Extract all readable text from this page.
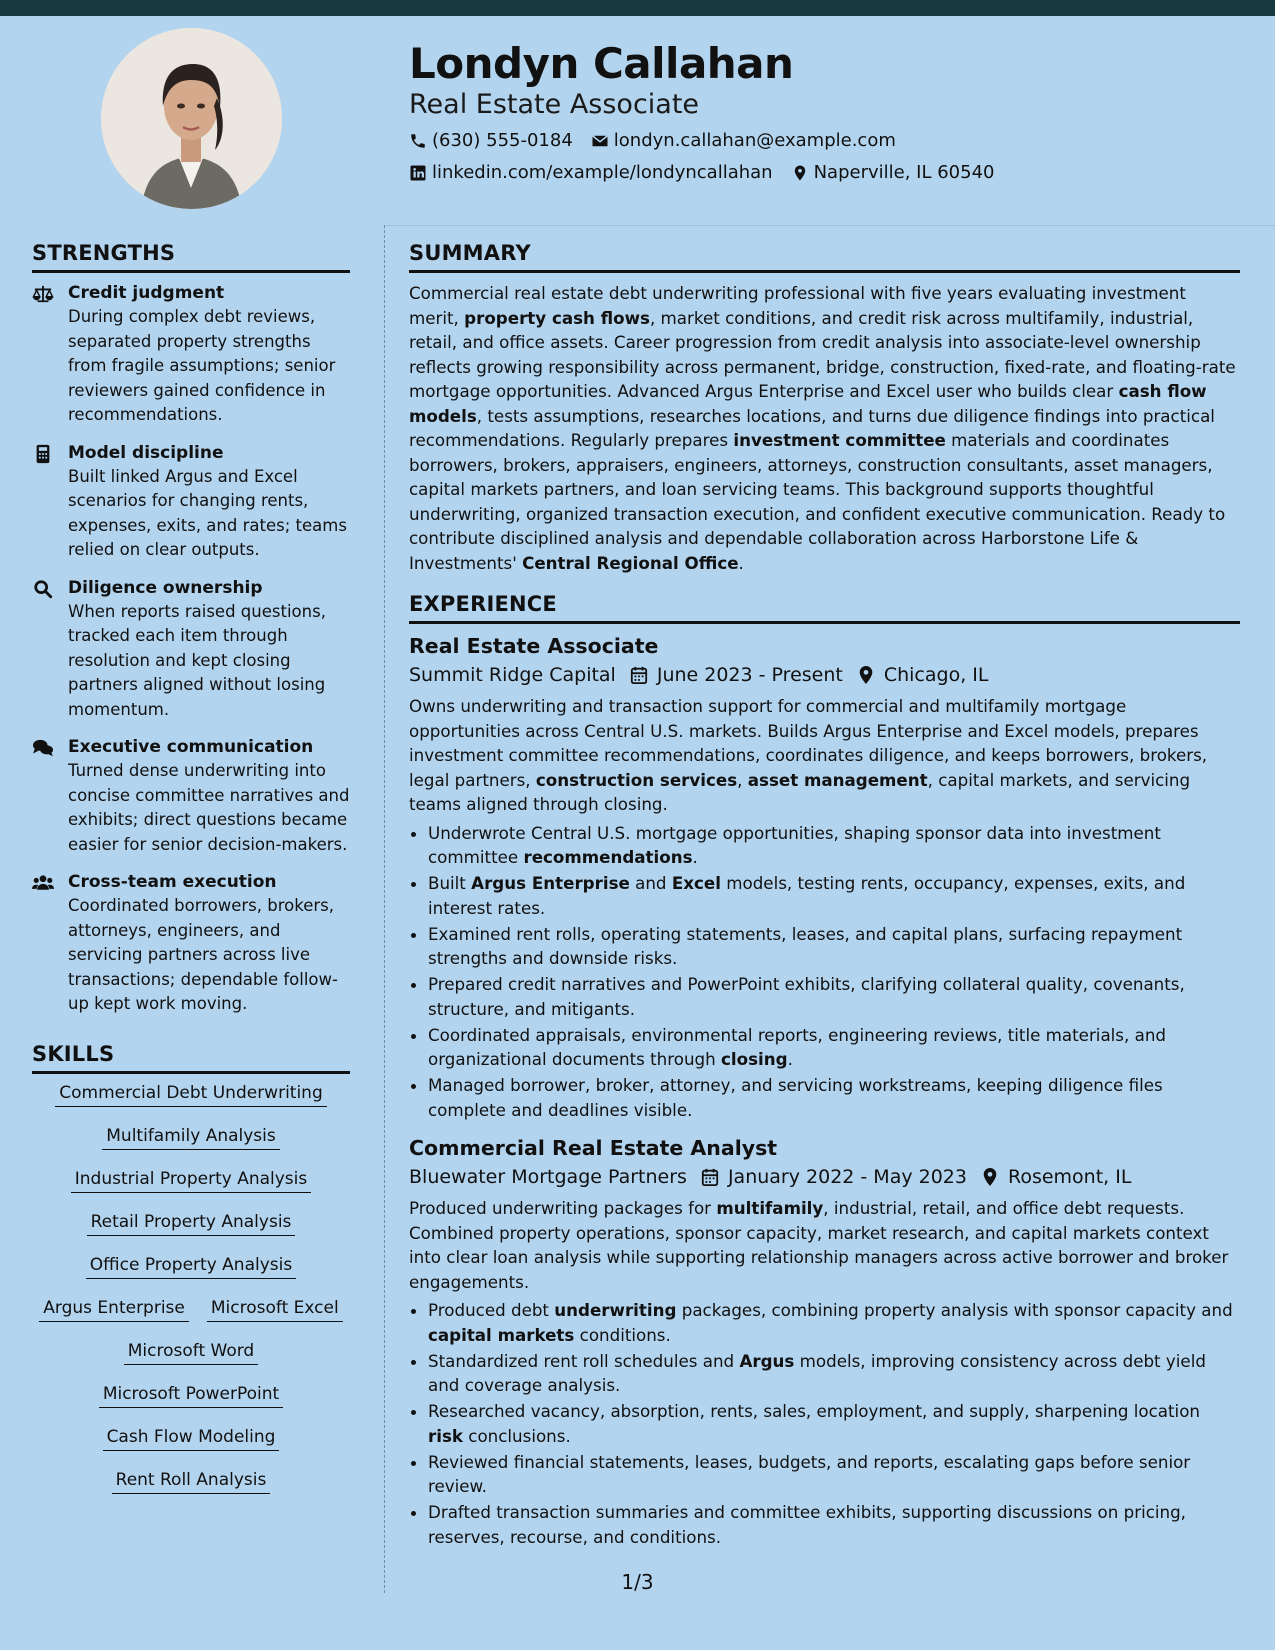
Londyn Callahan
Real Estate Associate
(630) 555-0184 londyn.callahan@example.com
linkedin.com/example/londyncallahan Naperville, IL 60540
STRENGTHS
Credit judgment
During complex debt reviews, separated property strengths from fragile assumptions; senior reviewers gained confidence in recommendations.
Model discipline
Built linked Argus and Excel scenarios for changing rents, expenses, exits, and rates; teams relied on clear outputs.
Diligence ownership
When reports raised questions, tracked each item through resolution and kept closing partners aligned without losing momentum.
Executive communication
Turned dense underwriting into concise committee narratives and exhibits; direct questions became easier for senior decision-makers.
Cross-team execution
Coordinated borrowers, brokers, attorneys, engineers, and servicing partners across live transactions; dependable follow-up kept work moving.
SKILLS
Commercial Debt Underwriting
Multifamily Analysis
Industrial Property Analysis
Retail Property Analysis
Office Property Analysis
Argus Enterprise Microsoft Excel
Microsoft Word
Microsoft PowerPoint
Cash Flow Modeling
Rent Roll Analysis
SUMMARY
Commercial real estate debt underwriting professional with five years evaluating investment merit, property cash flows, market conditions, and credit risk across multifamily, industrial, retail, and office assets. Career progression from credit analysis into associate-level ownership reflects growing responsibility across permanent, bridge, construction, fixed-rate, and floating-rate mortgage opportunities. Advanced Argus Enterprise and Excel user who builds clear cash flow models, tests assumptions, researches locations, and turns due diligence findings into practical recommendations. Regularly prepares investment committee materials and coordinates borrowers, brokers, appraisers, engineers, attorneys, construction consultants, asset managers, capital markets partners, and loan servicing teams. This background supports thoughtful underwriting, organized transaction execution, and confident executive communication. Ready to contribute disciplined analysis and dependable collaboration across Harborstone Life & Investments' Central Regional Office.
EXPERIENCE
Real Estate Associate
Summit Ridge Capital June 2023 - Present Chicago, IL
Owns underwriting and transaction support for commercial and multifamily mortgage opportunities across Central U.S. markets. Builds Argus Enterprise and Excel models, prepares investment committee recommendations, coordinates diligence, and keeps borrowers, brokers, legal partners, construction services, asset management, capital markets, and servicing teams aligned through closing.
• Underwrote Central U.S. mortgage opportunities, shaping sponsor data into investment committee recommendations.
• Built Argus Enterprise and Excel models, testing rents, occupancy, expenses, exits, and interest rates.
• Examined rent rolls, operating statements, leases, and capital plans, surfacing repayment strengths and downside risks.
• Prepared credit narratives and PowerPoint exhibits, clarifying collateral quality, covenants, structure, and mitigants.
• Coordinated appraisals, environmental reports, engineering reviews, title materials, and organizational documents through closing.
• Managed borrower, broker, attorney, and servicing workstreams, keeping diligence files complete and deadlines visible.
Commercial Real Estate Analyst
Bluewater Mortgage Partners January 2022 - May 2023 Rosemont, IL
Produced underwriting packages for multifamily, industrial, retail, and office debt requests. Combined property operations, sponsor capacity, market research, and capital markets context into clear loan analysis while supporting relationship managers across active borrower and broker engagements.
• Produced debt underwriting packages, combining property analysis with sponsor capacity and capital markets conditions.
• Standardized rent roll schedules and Argus models, improving consistency across debt yield and coverage analysis.
• Researched vacancy, absorption, rents, sales, employment, and supply, sharpening location risk conclusions.
• Reviewed financial statements, leases, budgets, and reports, escalating gaps before senior review.
• Drafted transaction summaries and committee exhibits, supporting discussions on pricing, reserves, recourse, and conditions.
1/3
